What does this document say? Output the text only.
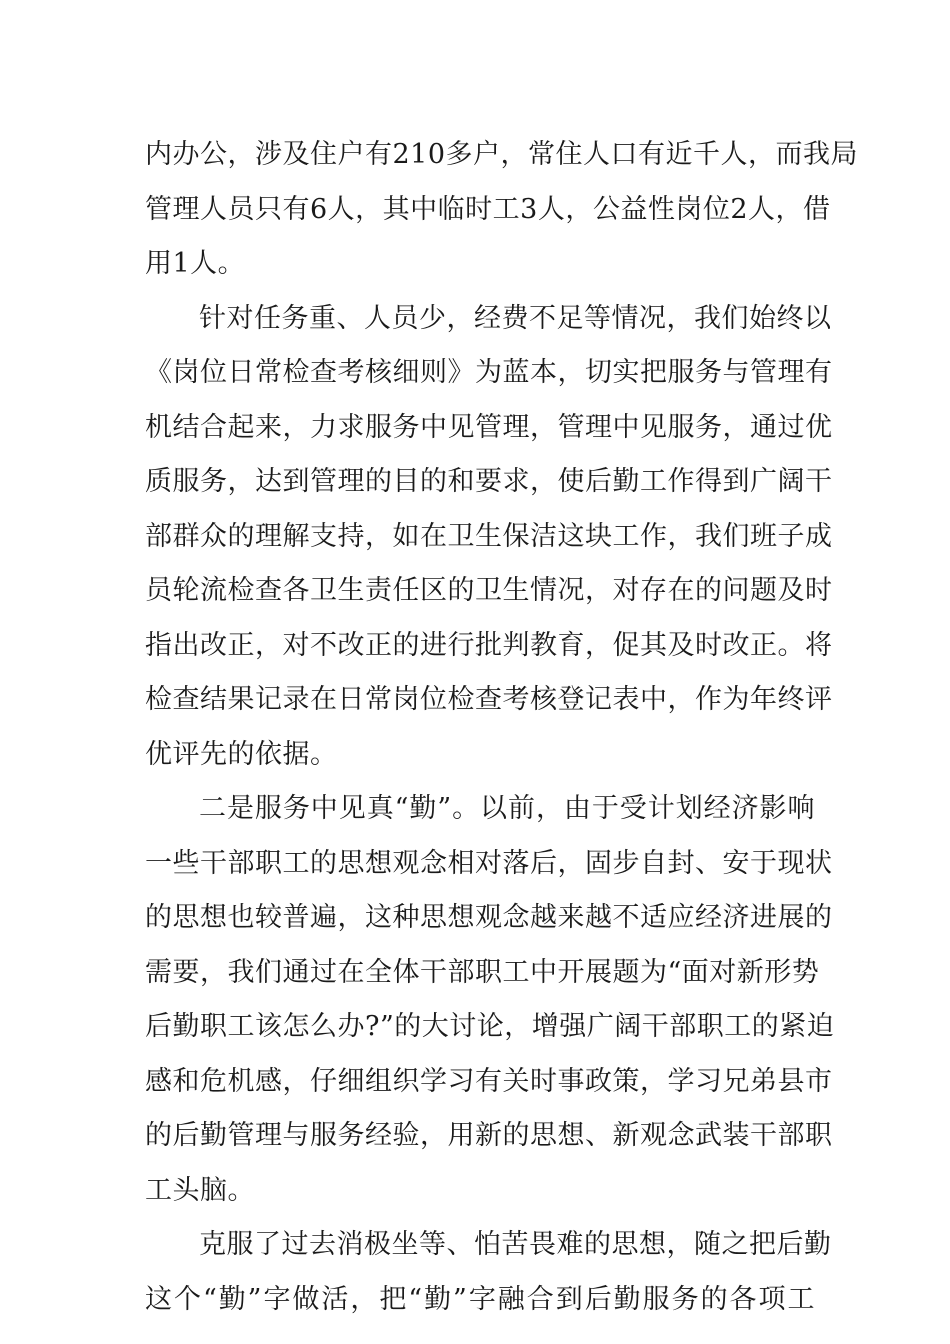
内办公，涉及住户有210多户，常住人口有近千人，而我局
管理人员只有6人，其中临时工3人，公益性岗位2人，借
用1人。
针对任务重、人员少，经费不足等情况，我们始终以
《岗位日常检查考核细则》为蓝本，切实把服务与管理有
机结合起来，力求服务中见管理，管理中见服务，通过优
质服务，达到管理的目的和要求，使后勤工作得到广阔干
部群众的理解支持，如在卫生保洁这块工作，我们班子成
员轮流检查各卫生责任区的卫生情况，对存在的问题及时
指出改正，对不改正的进行批判教育，促其及时改正。将
检查结果记录在日常岗位检查考核登记表中，作为年终评
优评先的依据。
二是服务中见真“勤”。以前，由于受计划经济影响
一些干部职工的思想观念相对落后，固步自封、安于现状
的思想也较普遍，这种思想观念越来越不适应经济进展的
需要，我们通过在全体干部职工中开展题为“面对新形势
后勤职工该怎么办?”的大讨论，增强广阔干部职工的紧迫
感和危机感，仔细组织学习有关时事政策，学习兄弟县市
的后勤管理与服务经验，用新的思想、新观念武装干部职
工头脑。
克服了过去消极坐等、怕苦畏难的思想，随之把后勤
这个“勤”字做活，把“勤”字融合到后勤服务的各项工
